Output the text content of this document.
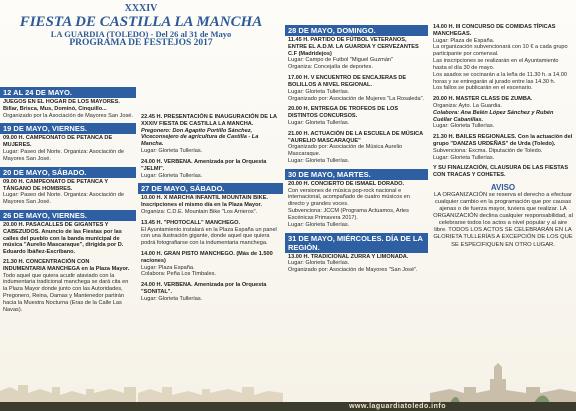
XXXIV
FIESTA DE CASTILLA LA MANCHA
LA GUARDIA (TOLEDO) - Del 26 al 31 de Mayo
PROGRAMA DE FESTEJOS 2017
12 AL 24 DE MAYO.
JUEGOS EN EL HOGAR DE LOS MAYORES. Billar, Brisca, Mus, Dominó, Cinquillo...
Organizado por la Asociación de Mayores San José.
19 DE MAYO, VIERNES.
09.00 H. CAMPEONATO DE PETANCA DE MUJERES.
Lugar: Paseo del Norte. Organiza: Asociación de Mayores San José.
20 DE MAYO, SÁBADO.
09.00 H. CAMPEONATO DE PETANCA Y TÁNGANO DE HOMBRES.
Lugar: Paseo del Norte. Organiza: Asociación de Mayores San José.
26 DE MAYO, VIERNES.
20.00 H. PASACALLES DE GIGANTES Y CABEZUDOS. Anuncio de las Fiestas por las calles del pueblo con la banda municipal de música "Aurelio Mascaraque", dirigida por D. Eduardo Ibáñez-Escribano.
21.30 H. CONCENTRACIÓN CON INDUMENTARIA MANCHEGA en la Plaza Mayor.
Todo aquel que quiera acudir ataviado con la indumentaria tradicional manchega se dará cita en la Plaza Mayor donde junto con las Autoridades, Pregonero, Reina, Damas y Mantenedor partirán hacia la Muestra Nocturna (Eras de la Calle Las Navas).
22.45 H. PRESENTACIÓN E INAUGURACIÓN DE LA XXXIV FIESTA DE CASTILLA LA MANCHA.
Pregonero: Don Agapito Portillo Sánchez, Viceconsejero de agricultura de Castilla - La Mancha.
Lugar: Glorieta Tullerías.
24.00 H. VERBENA. Amenizada por la Orquesta "JELMI".
Lugar: Glorieta Tullerías.
27 DE MAYO, SÁBADO.
10.00 H. X MARCHA INFANTIL MOUNTAIN BIKE. Inscripciones el mismo día en la Plaza Mayor.
Organiza: C.D.E. Mountain Bike "Los Arrieros".
13.45 H. "PHOTOCALL" MANCHEGO.
El Ayuntamiento instalará en la Plaza España un panel con una ilustración gigante, donde aquel que quiera podrá fotografiarse con la indumentaria manchega.
14.00 H. GRAN PISTO MANCHEGO. (Más de 1.500 raciones)
Lugar: Plaza España.
Colabora: Peña Los Timbales.
24.00 H. VERBENA. Amenizada por la Orquesta "SONITAL".
Lugar: Glorieta Tullerías.
28 DE MAYO, DOMINGO.
11.45 H. PARTIDO DE FÚTBOL VETERANOS, ENTRE EL A.D.M. LA GUARDIA Y CERVEZANTES C.F (Madridejos)
Lugar: Campo de Futbol "Miguel Guzmán"
Organiza: Concejalía de deportes.
17.00 H. V ENCUENTRO DE ENCAJERAS DE BOLILLOS A NIVEL REGIONAL.
Lugar: Glorieta Tullerías.
Organizado por: Asociación de Mujeres "La Rosaleda".
20.00 H. ENTREGA DE TROFEOS DE LOS DISTINTOS CONCURSOS.
Lugar: Glorieta Tullerías.
21.00 H. ACTUACIÓN DE LA ESCUELA DE MÚSICA "AURELIO MASCARAQUE"
Organizado por: Asociación de Música Aurelio Mascaraque.
Lugar: Glorieta Tullerías.
30 DE MAYO, MARTES.
20.00 H. CONCIERTO DE ISMAEL DORADO.
Con versiones de música pop-rock nacional e internacional, acompañado de cuatro músicos en directo y grandes voces.
Subvenciona: JCCM (Programa Actuamos, Artes Escénicas Primavera 2017).
Lugar: Glorieta Tullerías.
31 DE MAYO, MIÉRCOLES. DÍA DE LA REGIÓN.
13.00 H. TRADICIONAL ZURRA Y LIMONADA.
Lugar: Glorieta Tullerías.
Organizado por: Asociación de Mayores "San José".
14.00 H. III CONCURSO DE COMIDAS TÍPICAS MANCHEGAS.
Lugar: Plaza de España.
La organización subvencionará con 10 € a cada grupo participante por comensal.
Las inscripciones se realizarán en el Ayuntamiento hasta el día 30 de mayo.
Los asados se cocinarán a la leña de 11.30 h. a 14.00 horas y se entregarán al jurado entre las 14.30 h.
Los fallos se publicarán en el escenario.
20.00 H. MASTER CLASS DE ZUMBA.
Organiza: Ayto. La Guardia.
Colabora: Ana Belén López Sánchez y Rubén Cuéllar Cabanillas.
Lugar: Glorieta Tullerías.
21.30 H. BAILES REGIONALES. Con la actuación del grupo "DANZAS URDEÑAS" de Urda (Toledo).
Subvenciona: Excma. Diputación de Toledo.
Lugar: Glorieta Tullerías.
Y SU FINALIZACIÓN, CLAUSURA DE LAS FIESTAS CON TRACAS Y COHETES.
AVISO
LA ORGANIZACIÓN se reserva el derecho a efectuar cualquier cambio en la programación que por causas ajenas o de fuerza mayor, tuviera que realizar. LA ORGANIZACIÓN declina cualquier responsabilidad, al celebrarse todos los actos a nivel popular y al aire libre. TODOS LOS ACTOS SE CELEBRARÁN EN LA GLORIETA TULLERÍAS A EXCEPCIÓN DE LOS QUE SE ESPECIFIQUEN EN OTRO LUGAR.
www.laguardiatoledo.info
